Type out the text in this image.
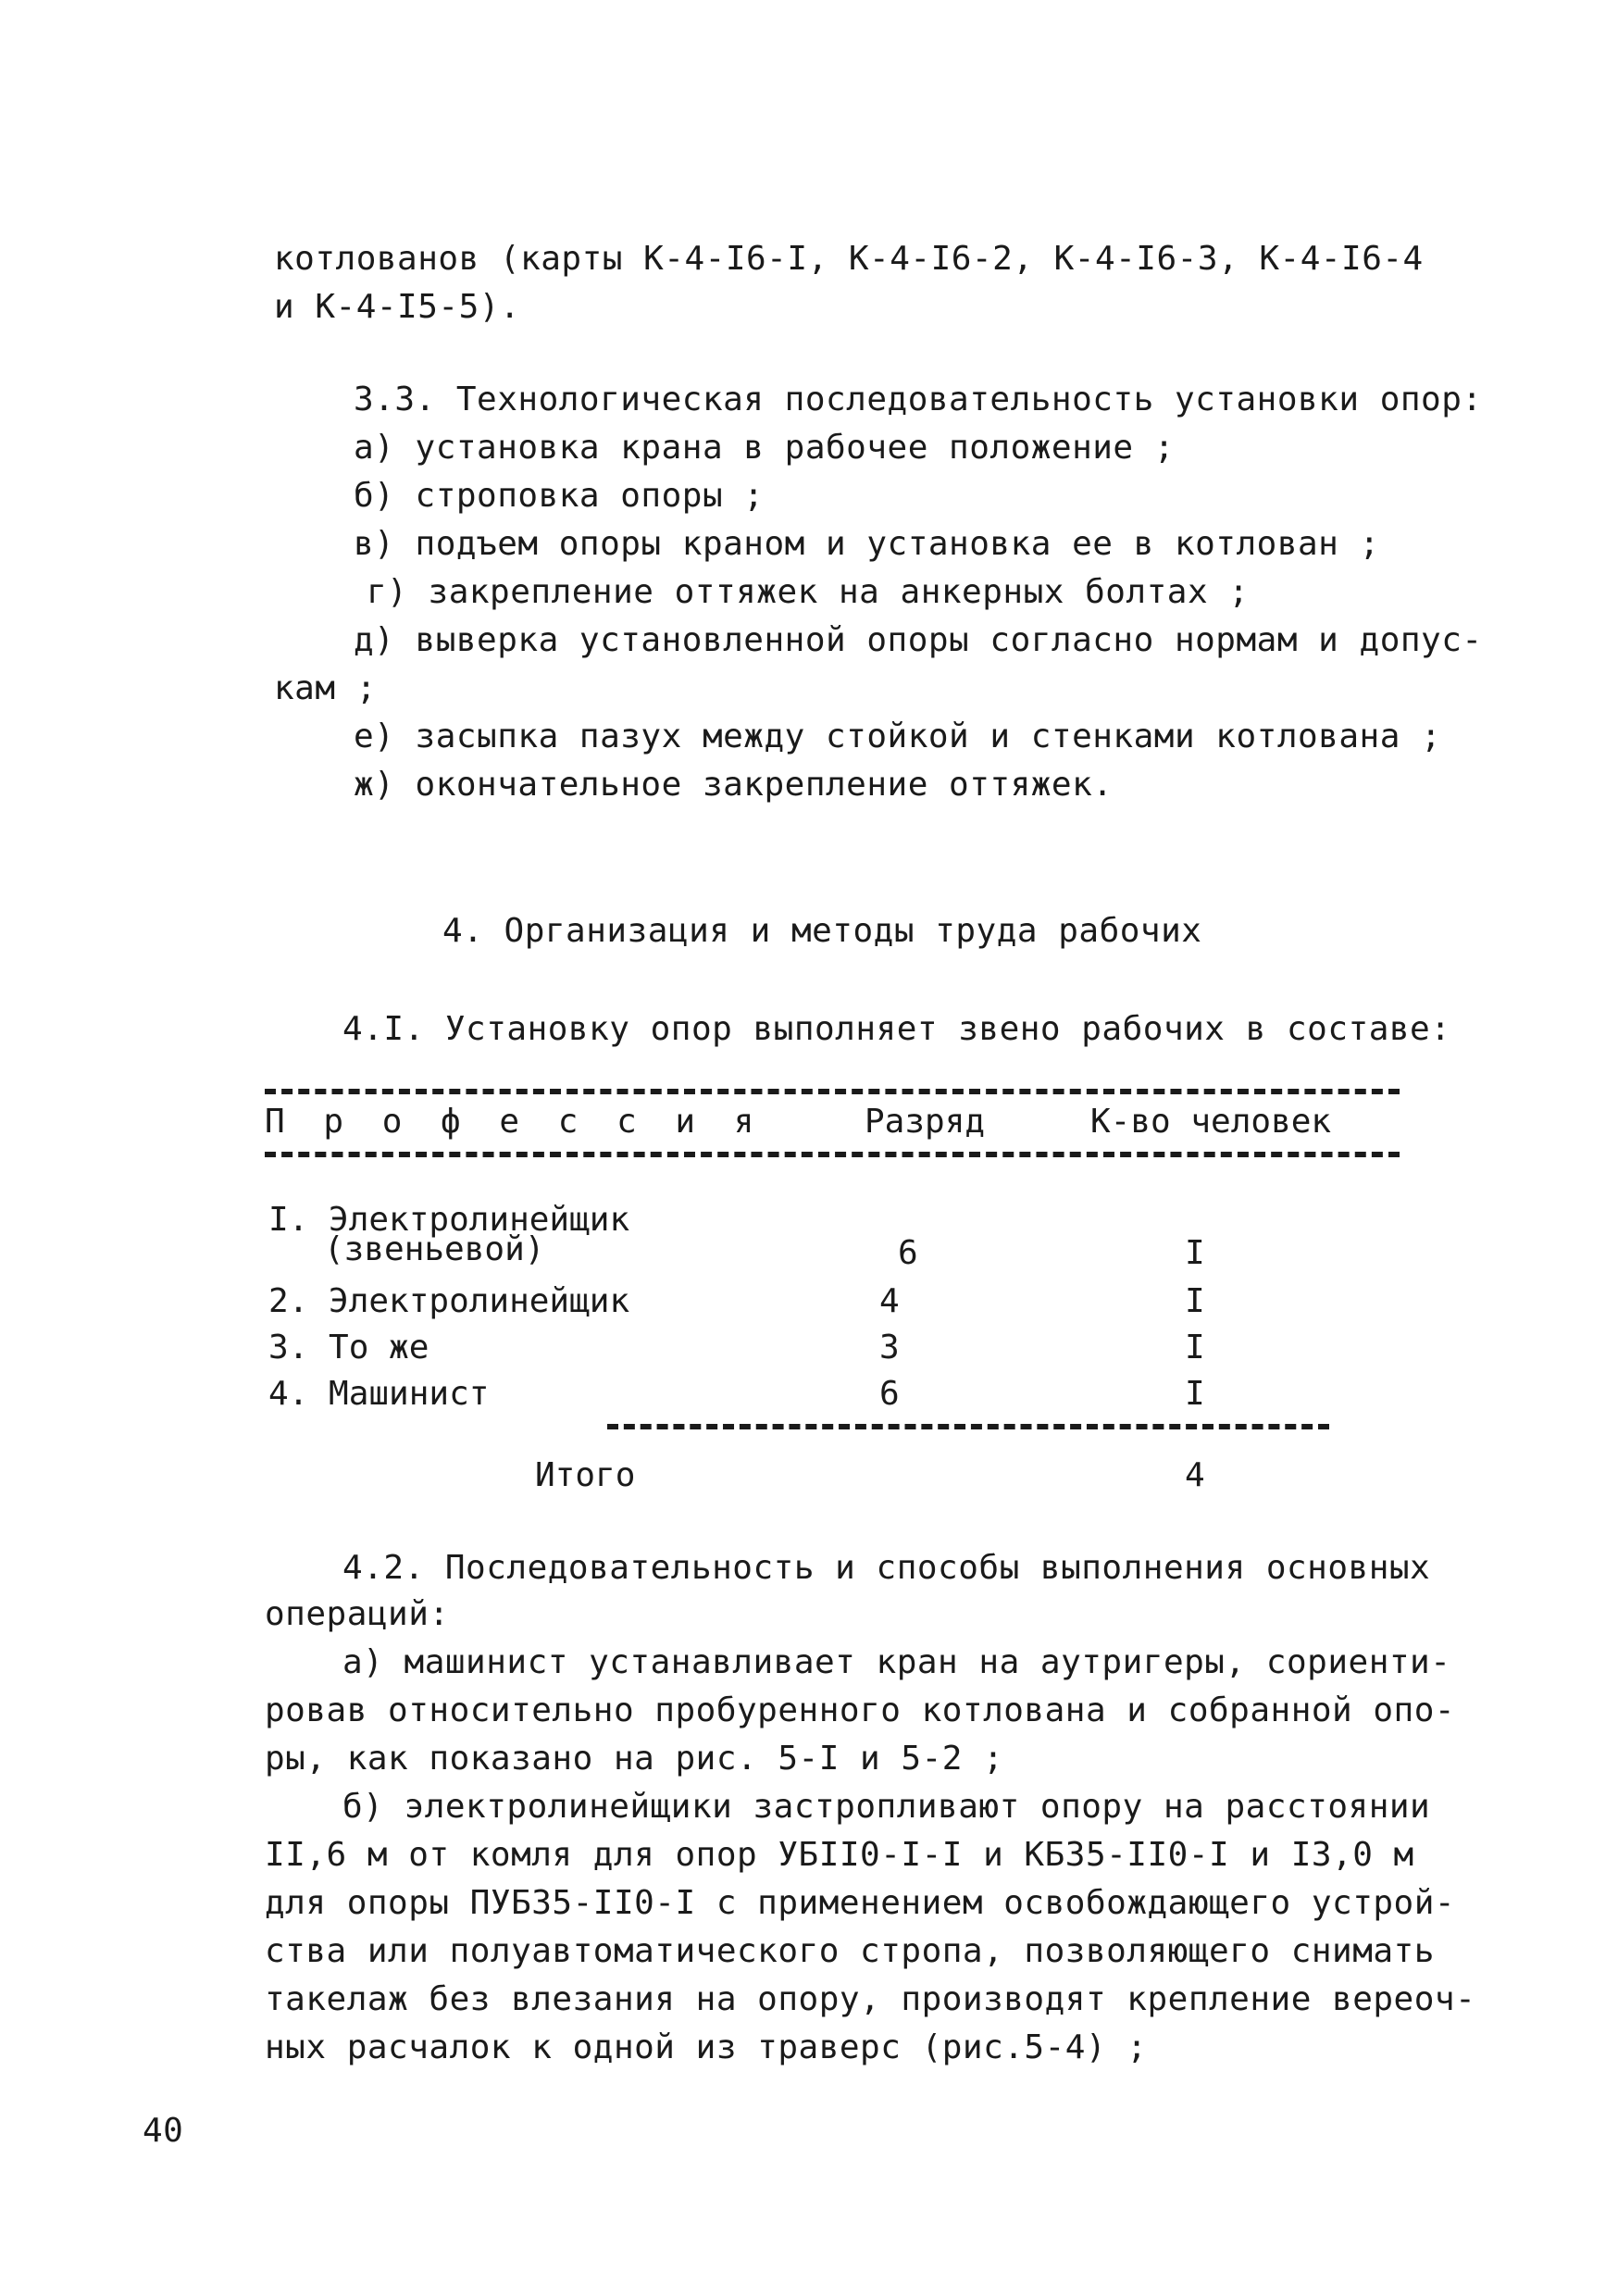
котлованов (карты К-4-I6-I, К-4-I6-2, К-4-I6-3, К-4-I6-4
и К-4-I5-5).
3.3. Технологическая последовательность установки опор:
а) установка крана в рабочее положение ;
б) строповка опоры ;
в) подъем опоры краном и установка ее в котлован ;
г) закрепление оттяжек на анкерных болтах ;
д) выверка установленной опоры согласно нормам и допус-
кам ;
е) засыпка пазух между стойкой и стенками котлована ;
ж) окончательное закрепление оттяжек.
4. Организация и методы труда рабочих
4.I. Установку опор выполняет звено рабочих в составе:
П р о ф е с с и я	Разряд	К-во человек
I. Электролинейщик
(звеньевой)	6	I
2. Электролинейщик	4	I
3. То же	3	I
4. Машинист	6	I
Итого	4
4.2. Последовательность и способы выполнения основных
операций:
а) машинист устанавливает кран на аутригеры, сориенти-
ровав относительно пробуренного котлована и собранной опо-
ры, как показано на рис. 5-I и 5-2 ;
б) электролинейщики застропливают опору на расстоянии
II,6 м от комля для опор УБII0-I-I и КБ35-II0-I и I3,0 м
для опоры ПУБ35-II0-I с применением освобождающего устрой-
ства или полуавтоматического стропа, позволяющего снимать
такелаж без влезания на опору, производят крепление вереоч-
ных расчалок к одной из траверс (рис.5-4) ;
40
